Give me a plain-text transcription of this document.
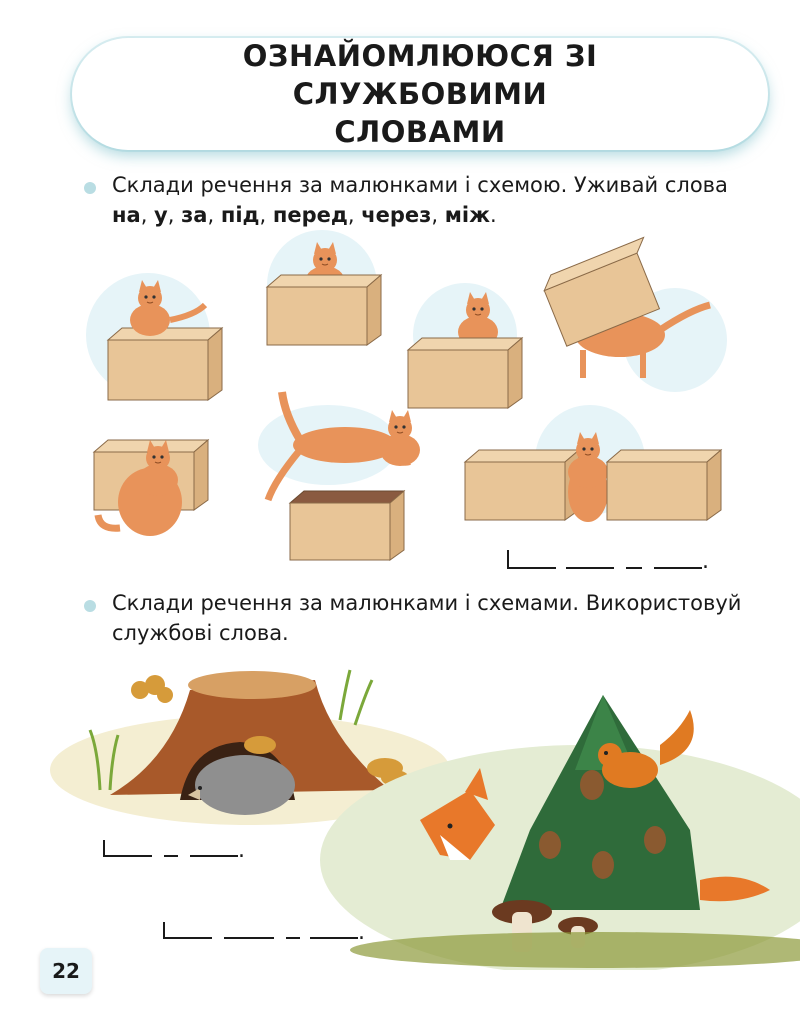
ОЗНАЙОМЛЮЮСЯ ЗІ СЛУЖБОВИМИ
СЛОВАМИ
Склади речення за малюнками і схемою. Уживай слова
на, у, за, під, перед, через, між.
.
Склади речення за малюнками і схемами. Використовуй службові слова.
.
.
22
